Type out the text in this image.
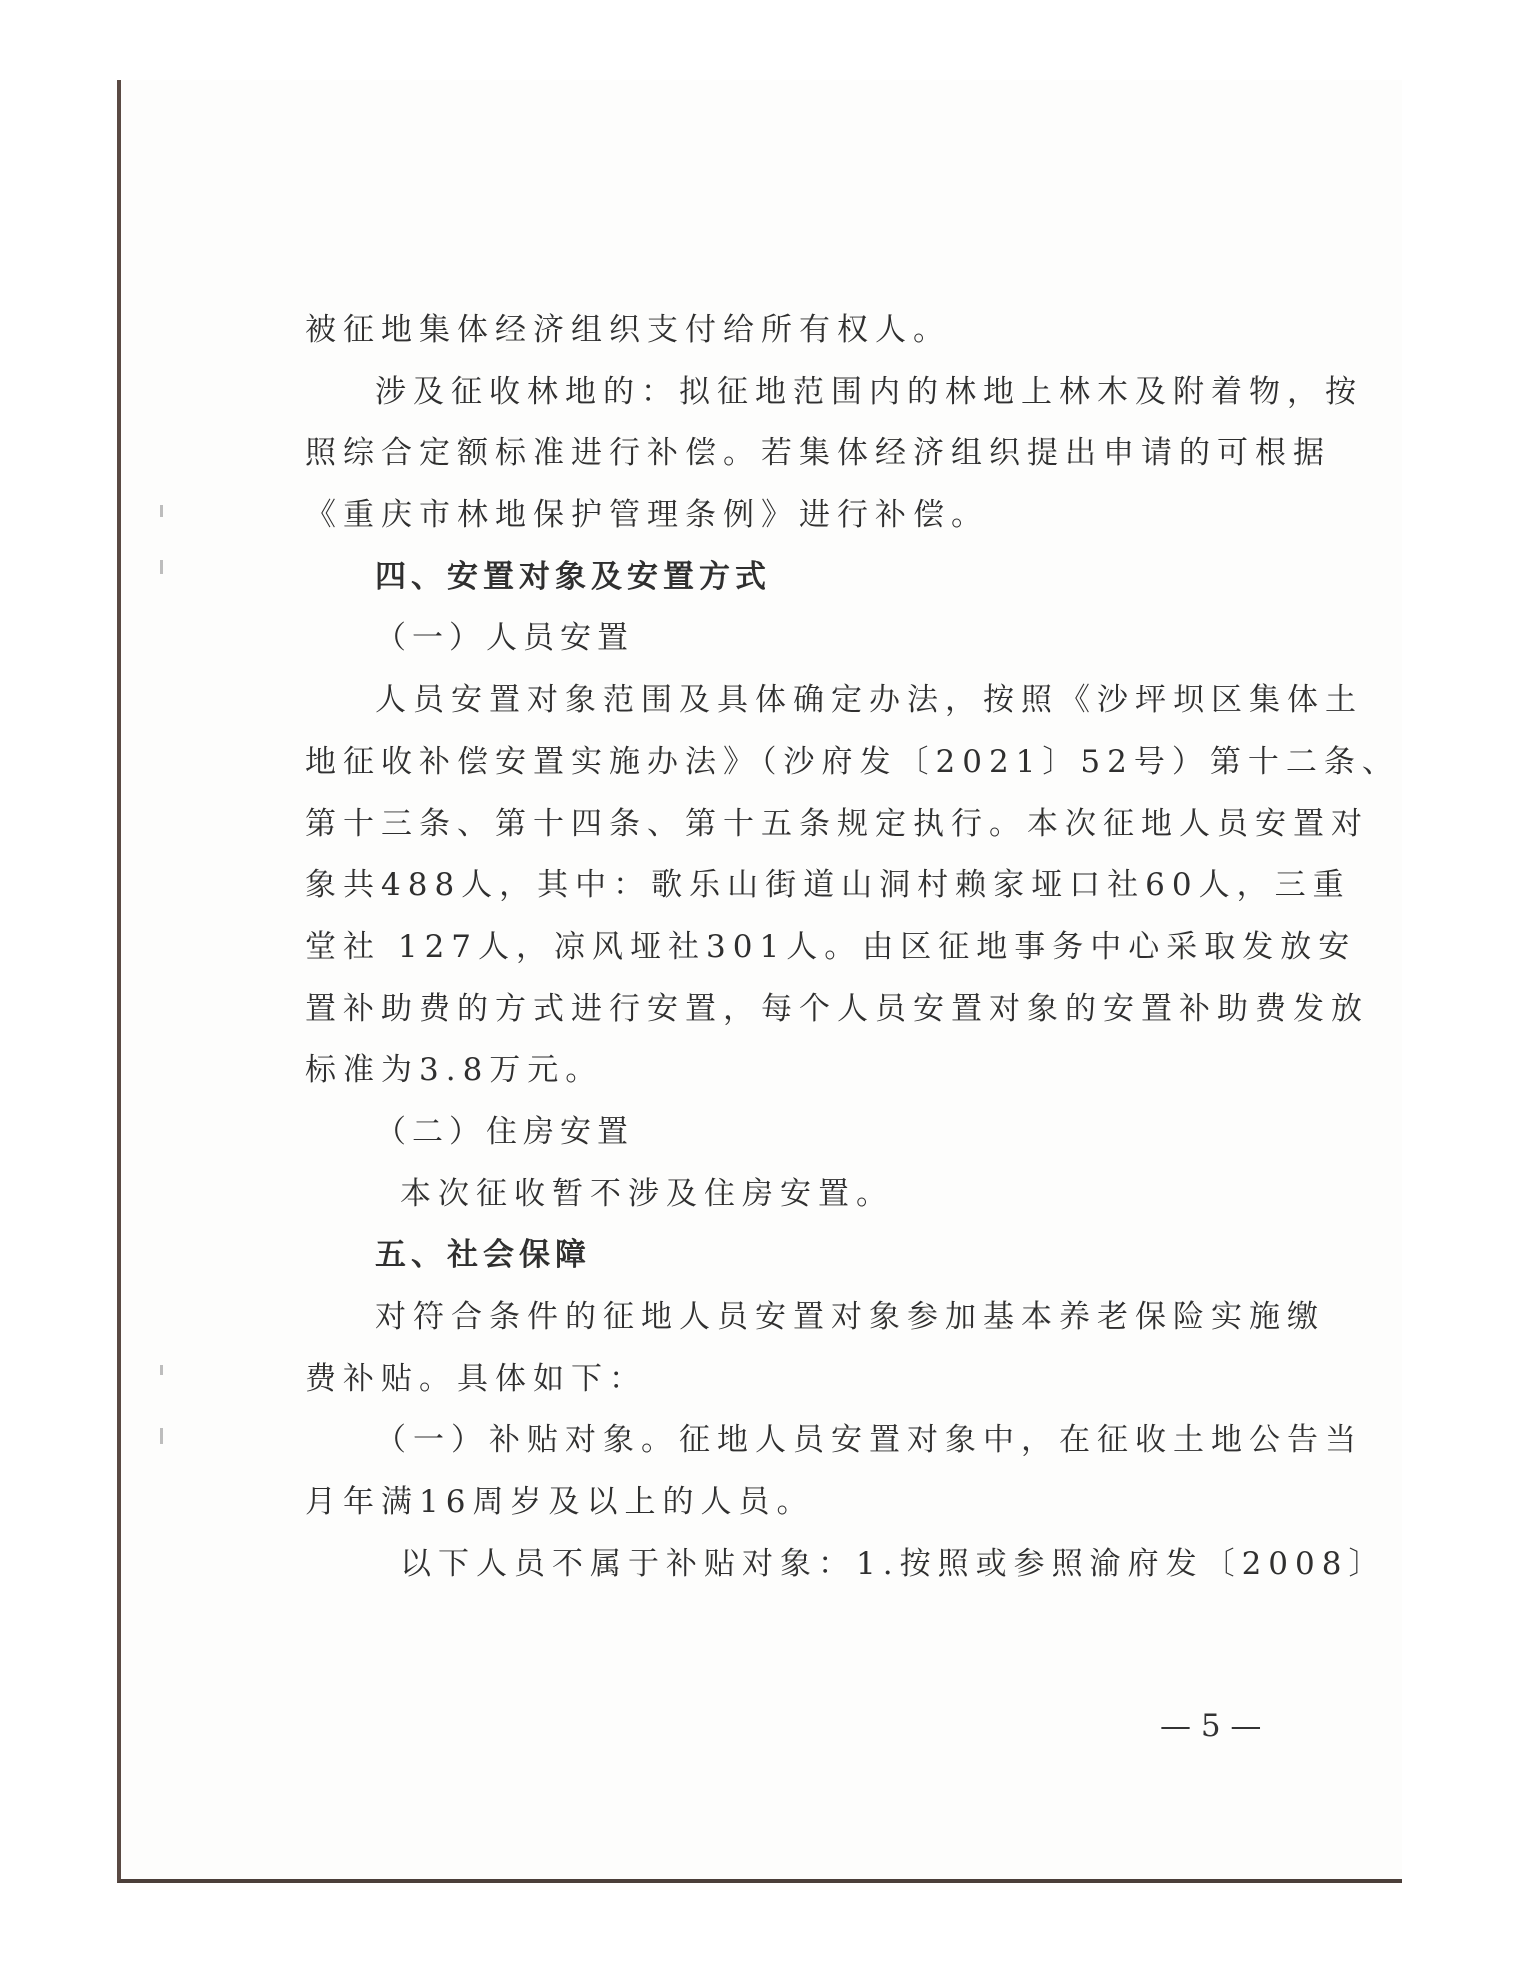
被征地集体经济组织支付给所有权人。
涉及征收林地的：拟征地范围内的林地上林木及附着物，按
照综合定额标准进行补偿。若集体经济组织提出申请的可根据
《重庆市林地保护管理条例》进行补偿。
四、安置对象及安置方式
（一）人员安置
人员安置对象范围及具体确定办法，按照《沙坪坝区集体土
地征收补偿安置实施办法》（沙府发〔2021〕52号）第十二条、
第十三条、第十四条、第十五条规定执行。本次征地人员安置对
象共488人，其中：歌乐山街道山洞村赖家垭口社60人，三重
堂社 127人，凉风垭社301人。由区征地事务中心采取发放安
置补助费的方式进行安置，每个人员安置对象的安置补助费发放
标准为3.8万元。
（二）住房安置
本次征收暂不涉及住房安置。
五、社会保障
对符合条件的征地人员安置对象参加基本养老保险实施缴
费补贴。具体如下：
（一）补贴对象。征地人员安置对象中，在征收土地公告当
月年满16周岁及以上的人员。
以下人员不属于补贴对象：1.按照或参照渝府发〔2008〕
— 5 —
